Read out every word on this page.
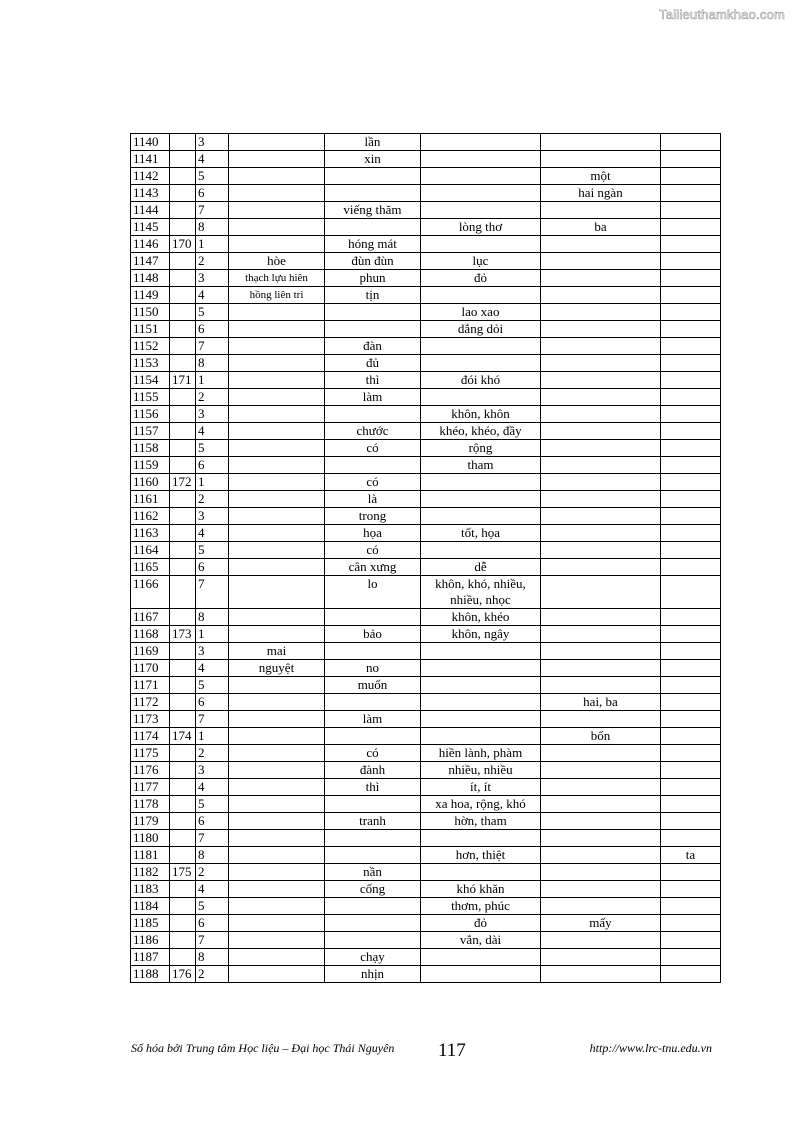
Tailieuthamkhao.com
1140		3		lần			
1141		4		xin			
1142		5				một	
1143		6				hai ngàn	
1144		7		viếng thăm			
1145		8			lòng thơ	ba	
1146	170	1		hóng mát			
1147		2	hòe	đùn đùn	lục		
1148		3	thạch lựu hiên	phun	đỏ		
1149		4	hồng liên trì	tịn			
1150		5			lao xao		
1151		6			dắng dỏi		
1152		7		đàn			
1153		8		đủ			
1154	171	1		thì	đói khó		
1155		2		làm			
1156		3			khôn, khôn		
1157		4		chước	khéo, khéo, đầy		
1158		5		có	rộng		
1159		6			tham		
1160	172	1		có			
1161		2		là			
1162		3		trong			
1163		4		họa	tốt, họa		
1164		5		có			
1165		6		cân xưng	dễ		
1166		7		lo	khôn, khó, nhiều, nhiều, nhọc		
1167		8			khôn, khéo		
1168	173	1		bảo	khôn, ngây		
1169		3	mai				
1170		4	nguyệt	no			
1171		5		muốn			
1172		6				hai, ba	
1173		7		làm			
1174	174	1				bốn	
1175		2		có	hiền lành, phàm		
1176		3		đành	nhiều, nhiều		
1177		4		thì	ít, ít		
1178		5			xa hoa, rộng, khó		
1179		6		tranh	hờn, tham		
1180		7					
1181		8			hơn, thiệt		ta
1182	175	2		nần			
1183		4		cống	khó khăn		
1184		5			thơm, phúc		
1185		6			đỏ	mấy	
1186		7			vắn, dài		
1187		8		chạy			
1188	176	2		nhịn			
Số hóa bởi Trung tâm Học liệu – Đại học Thái Nguyên 117	http://www.lrc-tnu.edu.vn
